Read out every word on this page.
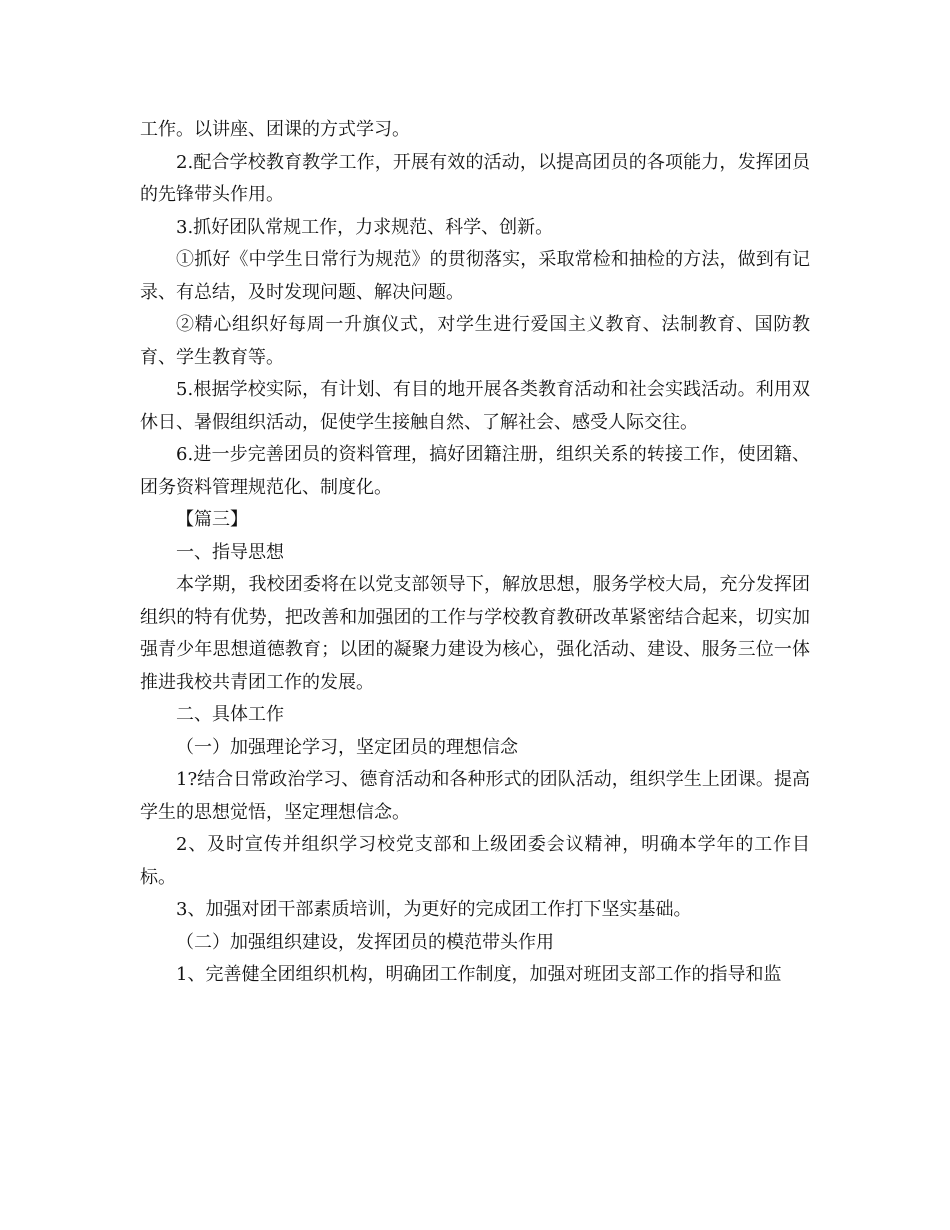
工作。以讲座、团课的方式学习。

2.配合学校教育教学工作，开展有效的活动，以提高团员的各项能力，发挥团员的先锋带头作用。

3.抓好团队常规工作，力求规范、科学、创新。

①抓好《中学生日常行为规范》的贯彻落实，采取常检和抽检的方法，做到有记录、有总结，及时发现问题、解决问题。

②精心组织好每周一升旗仪式，对学生进行爱国主义教育、法制教育、国防教育、学生教育等。

5.根据学校实际，有计划、有目的地开展各类教育活动和社会实践活动。利用双休日、暑假组织活动，促使学生接触自然、了解社会、感受人际交往。

6.进一步完善团员的资料管理，搞好团籍注册，组织关系的转接工作，使团籍、团务资料管理规范化、制度化。

【篇三】

一、指导思想

本学期，我校团委将在以党支部领导下，解放思想，服务学校大局，充分发挥团组织的特有优势，把改善和加强团的工作与学校教育教研改革紧密结合起来，切实加强青少年思想道德教育；以团的凝聚力建设为核心，强化活动、建设、服务三位一体推进我校共青团工作的发展。

二、具体工作

（一）加强理论学习，坚定团员的理想信念

1?结合日常政治学习、德育活动和各种形式的团队活动，组织学生上团课。提高学生的思想觉悟，坚定理想信念。

2、及时宣传并组织学习校党支部和上级团委会议精神，明确本学年的工作目标。

3、加强对团干部素质培训，为更好的完成团工作打下坚实基础。

（二）加强组织建设，发挥团员的模范带头作用

1、完善健全团组织机构，明确团工作制度，加强对班团支部工作的指导和监
